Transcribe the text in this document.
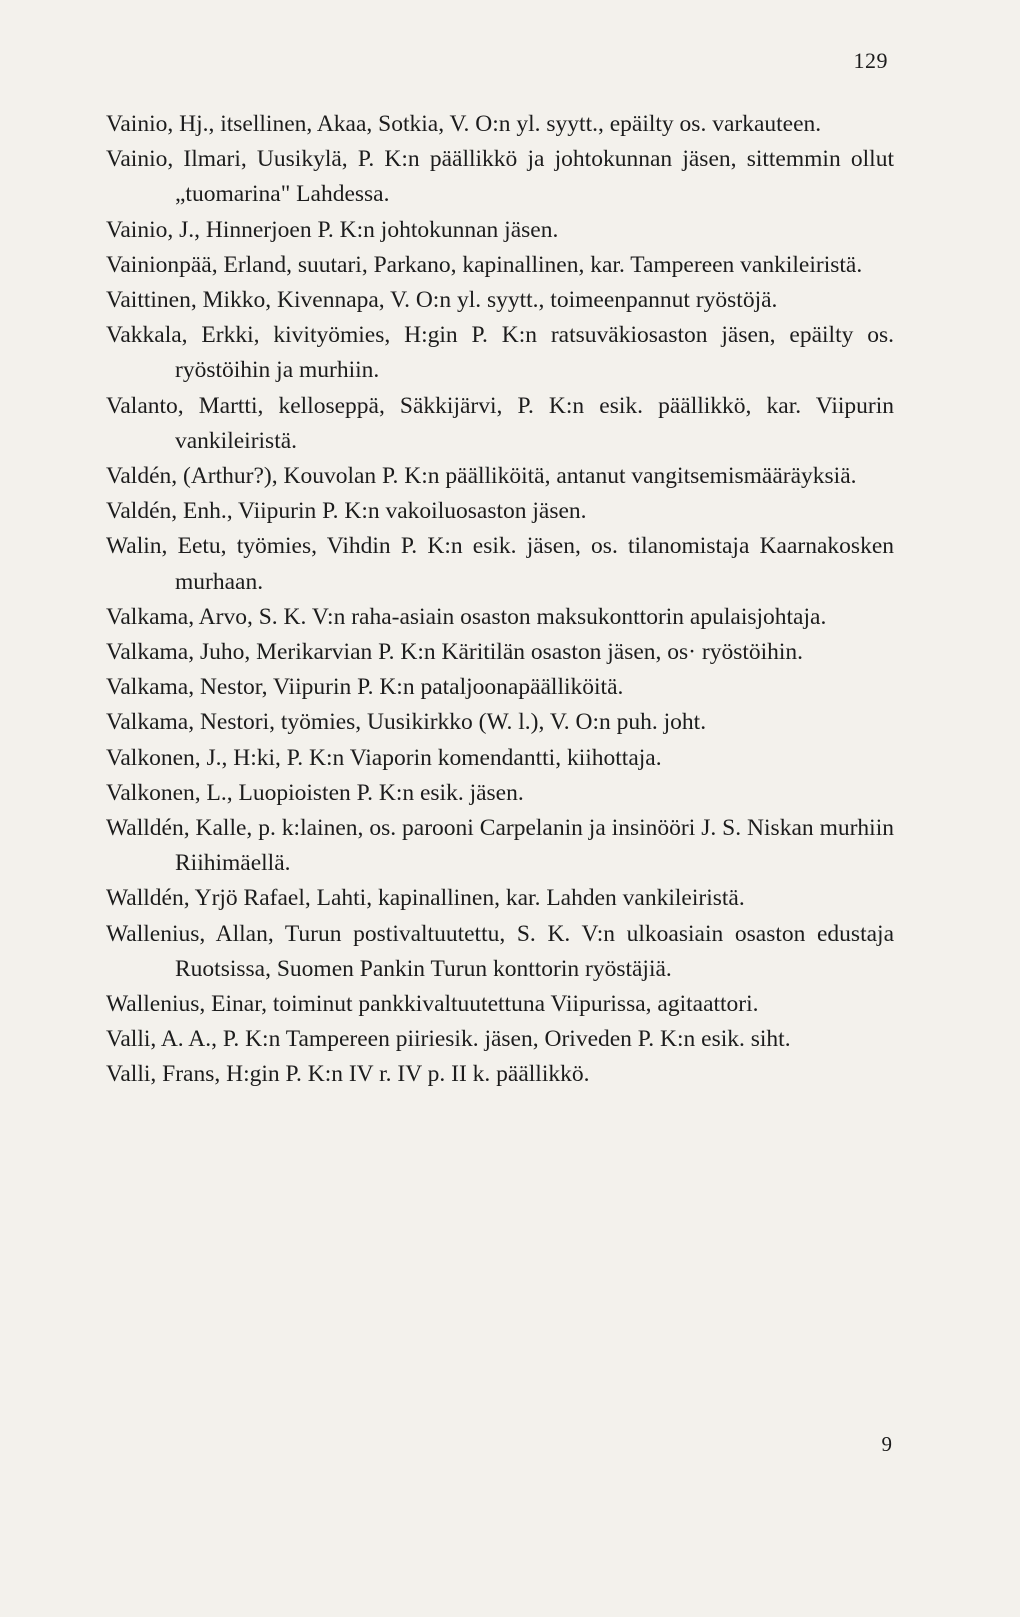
129

Vainio, Hj., itsellinen, Akaa, Sotkia, V. O:n yl. syytt., epäilty os. varkauteen.

Vainio, Ilmari, Uusikylä, P. K:n päällikkö ja johtokunnan jäsen, sittemmin ollut „tuomarina" Lahdessa.

Vainio, J., Hinnerjoen P. K:n johtokunnan jäsen.

Vainionpää, Erland, suutari, Parkano, kapinallinen, kar. Tampereen vankileiristä.

Vaittinen, Mikko, Kivennapa, V. O:n yl. syytt., toimeenpannut ryöstöjä.

Vakkala, Erkki, kivityömies, H:gin P. K:n ratsuväkiosaston jäsen, epäilty os. ryöstöihin ja murhiin.

Valanto, Martti, kelloseppä, Säkkijärvi, P. K:n esik. päällikkö, kar. Viipurin vankileiristä.

Valdén, (Arthur?), Kouvolan P. K:n päälliköitä, antanut vangitsemismääräyksiä.

Valdén, Enh., Viipurin P. K:n vakoiluosaston jäsen.

Walin, Eetu, työmies, Vihdin P. K:n esik. jäsen, os. tilanomistaja Kaarnakosken murhaan.

Valkama, Arvo, S. K. V:n raha-asiain osaston maksukonttorin apulaisjohtaja.

Valkama, Juho, Merikarvian P. K:n Käritilän osaston jäsen, os· ryöstöihin.

Valkama, Nestor, Viipurin P. K:n pataljoonapäälliköitä.

Valkama, Nestori, työmies, Uusikirkko (W. l.), V. O:n puh. joht.

Valkonen, J., H:ki, P. K:n Viaporin komendantti, kiihottaja.

Valkonen, L., Luopioisten P. K:n esik. jäsen.

Walldén, Kalle, p. k:lainen, os. parooni Carpelanin ja insinööri J. S. Niskan murhiin Riihimäellä.

Walldén, Yrjö Rafael, Lahti, kapinallinen, kar. Lahden vankileiristä.

Wallenius, Allan, Turun postivaltuutettu, S. K. V:n ulkoasiain osaston edustaja Ruotsissa, Suomen Pankin Turun konttorin ryöstäjiä.

Wallenius, Einar, toiminut pankkivaltuutettuna Viipurissa, agitaattori.

Valli, A. A., P. K:n Tampereen piiriesik. jäsen, Oriveden P. K:n esik. siht.

Valli, Frans, H:gin P. K:n IV r. IV p. II k. päällikkö.

9
